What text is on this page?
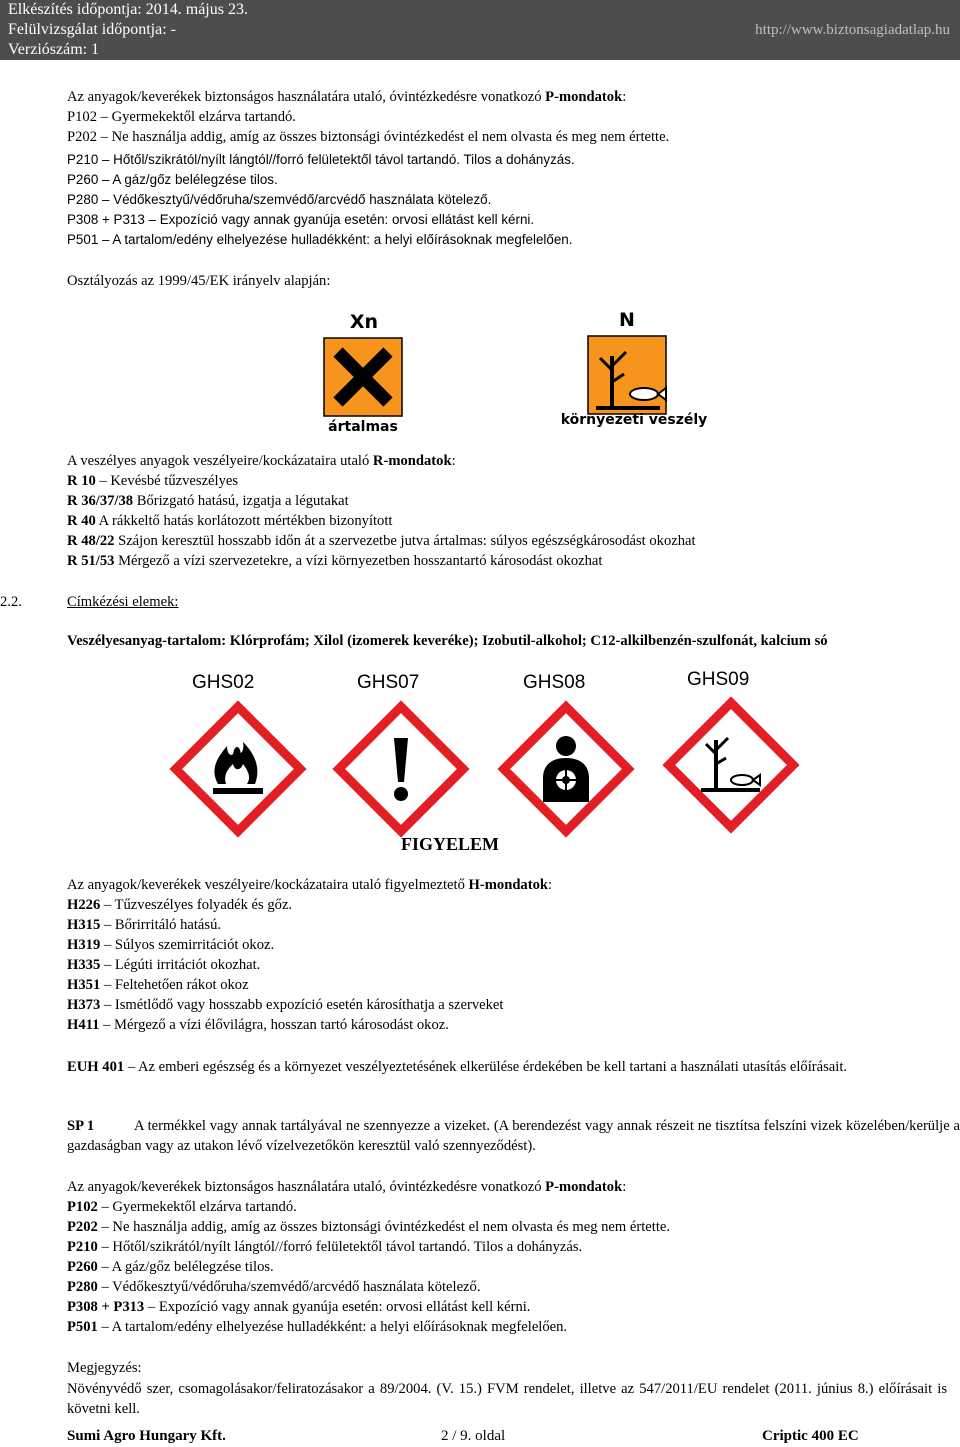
Elkészítés időpontja: 2014. május 23.
Felülvizsgálat időpontja: -
Verziószám: 1
http://www.biztonsagiadatlap.hu
Az anyagok/keverékek biztonságos használatára utaló, óvintézkedésre vonatkozó P-mondatok:
P102 – Gyermekektől elzárva tartandó.
P202 – Ne használja addig, amíg az összes biztonsági óvintézkedést el nem olvasta és meg nem értette.
P210 – Hőtől/szikrától/nyílt lángtól//forró felületektől távol tartandó. Tilos a dohányzás.
P260 – A gáz/gőz belélegzése tilos.
P280 – Védőkesztyű/védőruha/szemvédő/arcvédő használata kötelező.
P308 + P313 – Expozíció vagy annak gyanúja esetén: orvosi ellátást kell kérni.
P501 – A tartalom/edény elhelyezése hulladékként: a helyi előírásoknak megfelelően.
Osztályozás az 1999/45/EK irányelv alapján:
Xn
ártalmas
N
környezeti veszély
A veszélyes anyagok veszélyeire/kockázataira utaló R-mondatok:
R 10 – Kevésbé tűzveszélyes
R 36/37/38 Bőrizgató hatású, izgatja a légutakat
R 40 A rákkeltő hatás korlátozott mértékben bizonyított
R 48/22 Szájon keresztül hosszabb időn át a szervezetbe jutva ártalmas: súlyos egészségkárosodást okozhat
R 51/53 Mérgező a vízi szervezetekre, a vízi környezetben hosszantartó károsodást okozhat
2.2.	Címkézési elemek:
Veszélyesanyag-tartalom: Klórprofám; Xilol (izomerek keveréke); Izobutil-alkohol; C12-alkilbenzén-szulfonát, kalcium só
GHS02	GHS07	GHS08	GHS09
FIGYELEM
Az anyagok/keverékek veszélyeire/kockázataira utaló figyelmeztető H-mondatok:
H226 – Tűzveszélyes folyadék és gőz.
H315 – Bőrirritáló hatású.
H319 – Súlyos szemirritációt okoz.
H335 – Légúti irritációt okozhat.
H351 – Feltehetően rákot okoz
H373 – Ismétlődő vagy hosszabb expozíció esetén károsíthatja a szerveket
H411 – Mérgező a vízi élővilágra, hosszan tartó károsodást okoz.
EUH 401 – Az emberi egészség és a környezet veszélyeztetésének elkerülése érdekében be kell tartani a használati utasítás előírásait.
SP 1	A termékkel vagy annak tartályával ne szennyezze a vizeket. (A berendezést vagy annak részeit ne tisztítsa felszíni vizek közelében/kerülje a gazdaságban vagy az utakon lévő vízelvezetőkön keresztül való szennyeződést).
Az anyagok/keverékek biztonságos használatára utaló, óvintézkedésre vonatkozó P-mondatok:
P102 – Gyermekektől elzárva tartandó.
P202 – Ne használja addig, amíg az összes biztonsági óvintézkedést el nem olvasta és meg nem értette.
P210 – Hőtől/szikrától/nyílt lángtól//forró felületektől távol tartandó. Tilos a dohányzás.
P260 – A gáz/gőz belélegzése tilos.
P280 – Védőkesztyű/védőruha/szemvédő/arcvédő használata kötelező.
P308 + P313 – Expozíció vagy annak gyanúja esetén: orvosi ellátást kell kérni.
P501 – A tartalom/edény elhelyezése hulladékként: a helyi előírásoknak megfelelően.
Megjegyzés:
Növényvédő szer, csomagolásakor/feliratozásakor a 89/2004. (V. 15.) FVM rendelet, illetve az 547/2011/EU rendelet (2011. június 8.) előírásait is követni kell.
Sumi Agro Hungary Kft.	2 / 9. oldal	Criptic 400 EC
